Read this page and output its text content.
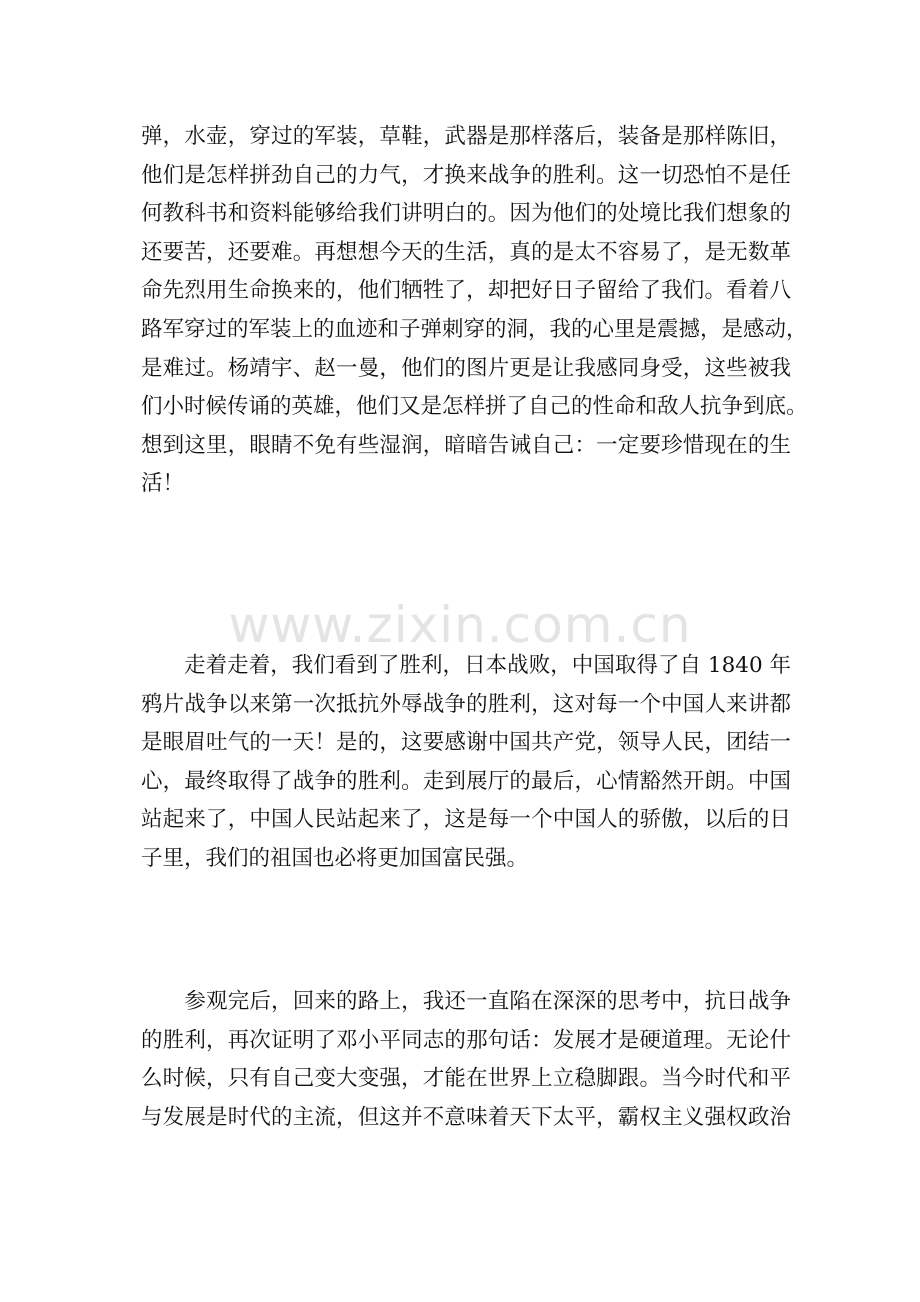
www.zixin.com.cn
弹，水壶，穿过的军装，草鞋，武器是那样落后，装备是那样陈旧，
他们是怎样拼劲自己的力气，才换来战争的胜利。这一切恐怕不是任
何教科书和资料能够给我们讲明白的。因为他们的处境比我们想象的
还要苦，还要难。再想想今天的生活，真的是太不容易了，是无数革
命先烈用生命换来的，他们牺牲了，却把好日子留给了我们。看着八
路军穿过的军装上的血迹和子弹刺穿的洞，我的心里是震撼，是感动，
是难过。杨靖宇、赵一曼，他们的图片更是让我感同身受，这些被我
们小时候传诵的英雄，他们又是怎样拼了自己的性命和敌人抗争到底。
想到这里，眼睛不免有些湿润，暗暗告诫自己：一定要珍惜现在的生
活！
　　走着走着，我们看到了胜利，日本战败，中国取得了自 1840 年
鸦片战争以来第一次抵抗外辱战争的胜利，这对每一个中国人来讲都
是眼眉吐气的一天！是的，这要感谢中国共产党，领导人民，团结一
心，最终取得了战争的胜利。走到展厅的最后，心情豁然开朗。中国
站起来了，中国人民站起来了，这是每一个中国人的骄傲，以后的日
子里，我们的祖国也必将更加国富民强。
　　参观完后，回来的路上，我还一直陷在深深的思考中，抗日战争
的胜利，再次证明了邓小平同志的那句话：发展才是硬道理。无论什
么时候，只有自己变大变强，才能在世界上立稳脚跟。当今时代和平
与发展是时代的主流，但这并不意味着天下太平，霸权主义强权政治
